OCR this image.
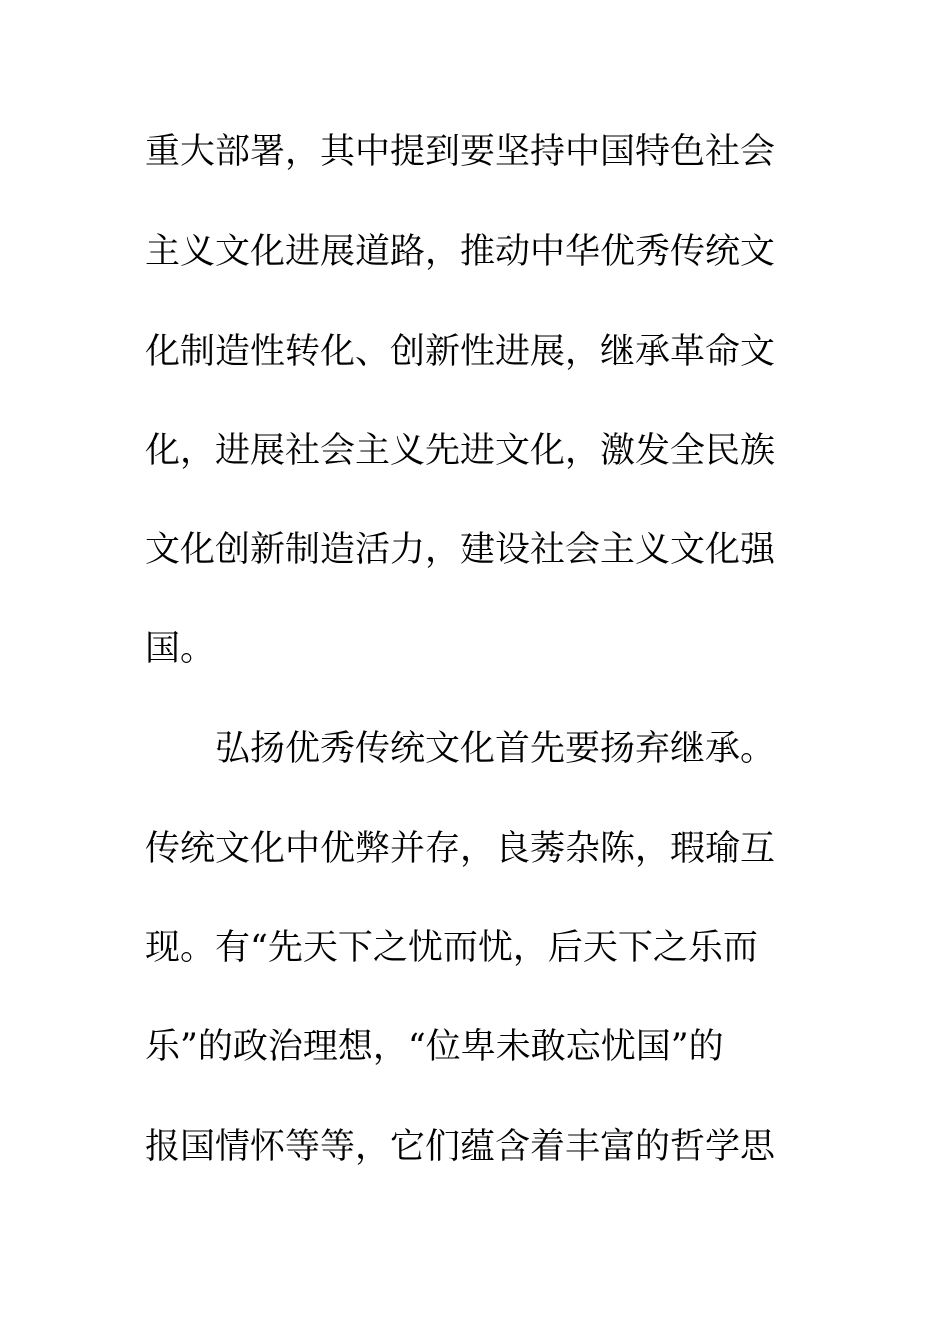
重大部署，其中提到要坚持中国特色社会
主义文化进展道路，推动中华优秀传统文
化制造性转化、创新性进展，继承革命文
化，进展社会主义先进文化，激发全民族
文化创新制造活力，建设社会主义文化强
国。
弘扬优秀传统文化首先要扬弃继承。
传统文化中优弊并存，良莠杂陈，瑕瑜互
现。有“先天下之忧而忧，后天下之乐而
乐”的政治理想，“位卑未敢忘忧国”的
报国情怀等等，它们蕴含着丰富的哲学思
